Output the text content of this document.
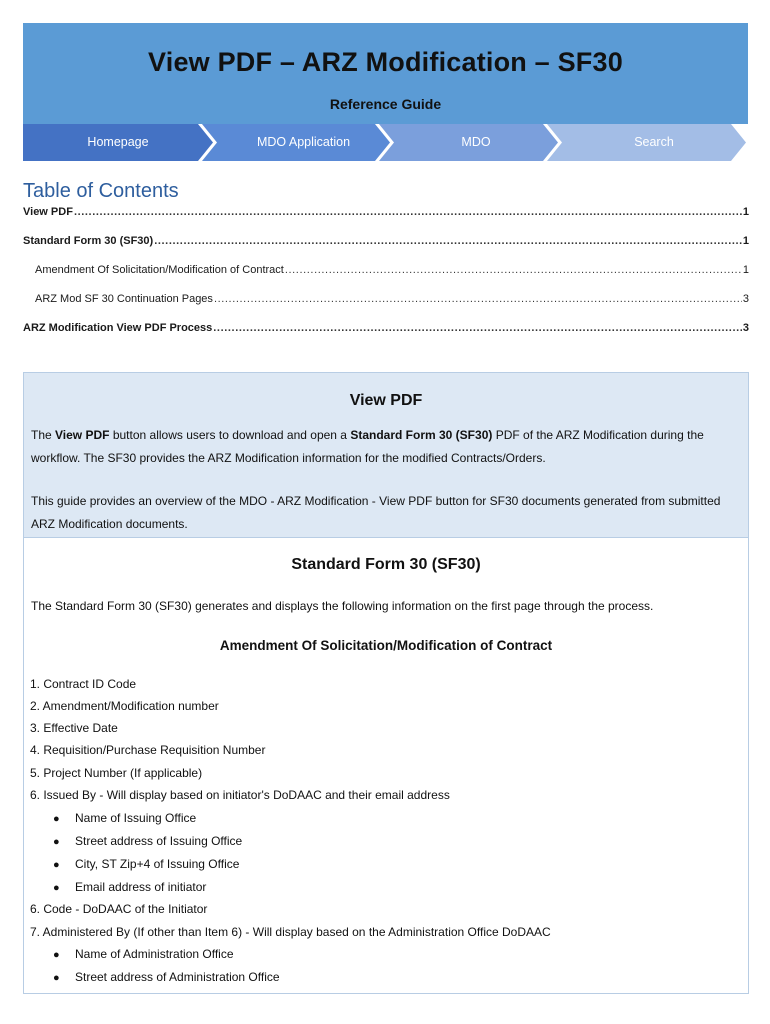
View PDF – ARZ Modification – SF30
Reference Guide
Homepage	MDO Application	MDO	Search
Table of Contents
View PDF .....	1
Standard Form 30 (SF30) .....	1
Amendment Of Solicitation/Modification of Contract .....	1
ARZ Mod SF 30 Continuation Pages .....	3
ARZ Modification View PDF Process .....	3
View PDF
The View PDF button allows users to download and open a Standard Form 30 (SF30) PDF of the ARZ Modification during the workflow. The SF30 provides the ARZ Modification information for the modified Contracts/Orders.
This guide provides an overview of the MDO - ARZ Modification - View PDF button for SF30 documents generated from submitted ARZ Modification documents.
Standard Form 30 (SF30)
The Standard Form 30 (SF30) generates and displays the following information on the first page through the process.
Amendment Of Solicitation/Modification of Contract
1. Contract ID Code
2. Amendment/Modification number
3. Effective Date
4. Requisition/Purchase Requisition Number
5. Project Number (If applicable)
6. Issued By - Will display based on initiator's DoDAAC and their email address
● Name of Issuing Office
● Street address of Issuing Office
● City, ST Zip+4 of Issuing Office
● Email address of initiator
6. Code - DoDAAC of the Initiator
7. Administered By (If other than Item 6) - Will display based on the Administration Office DoDAAC
● Name of Administration Office
● Street address of Administration Office
